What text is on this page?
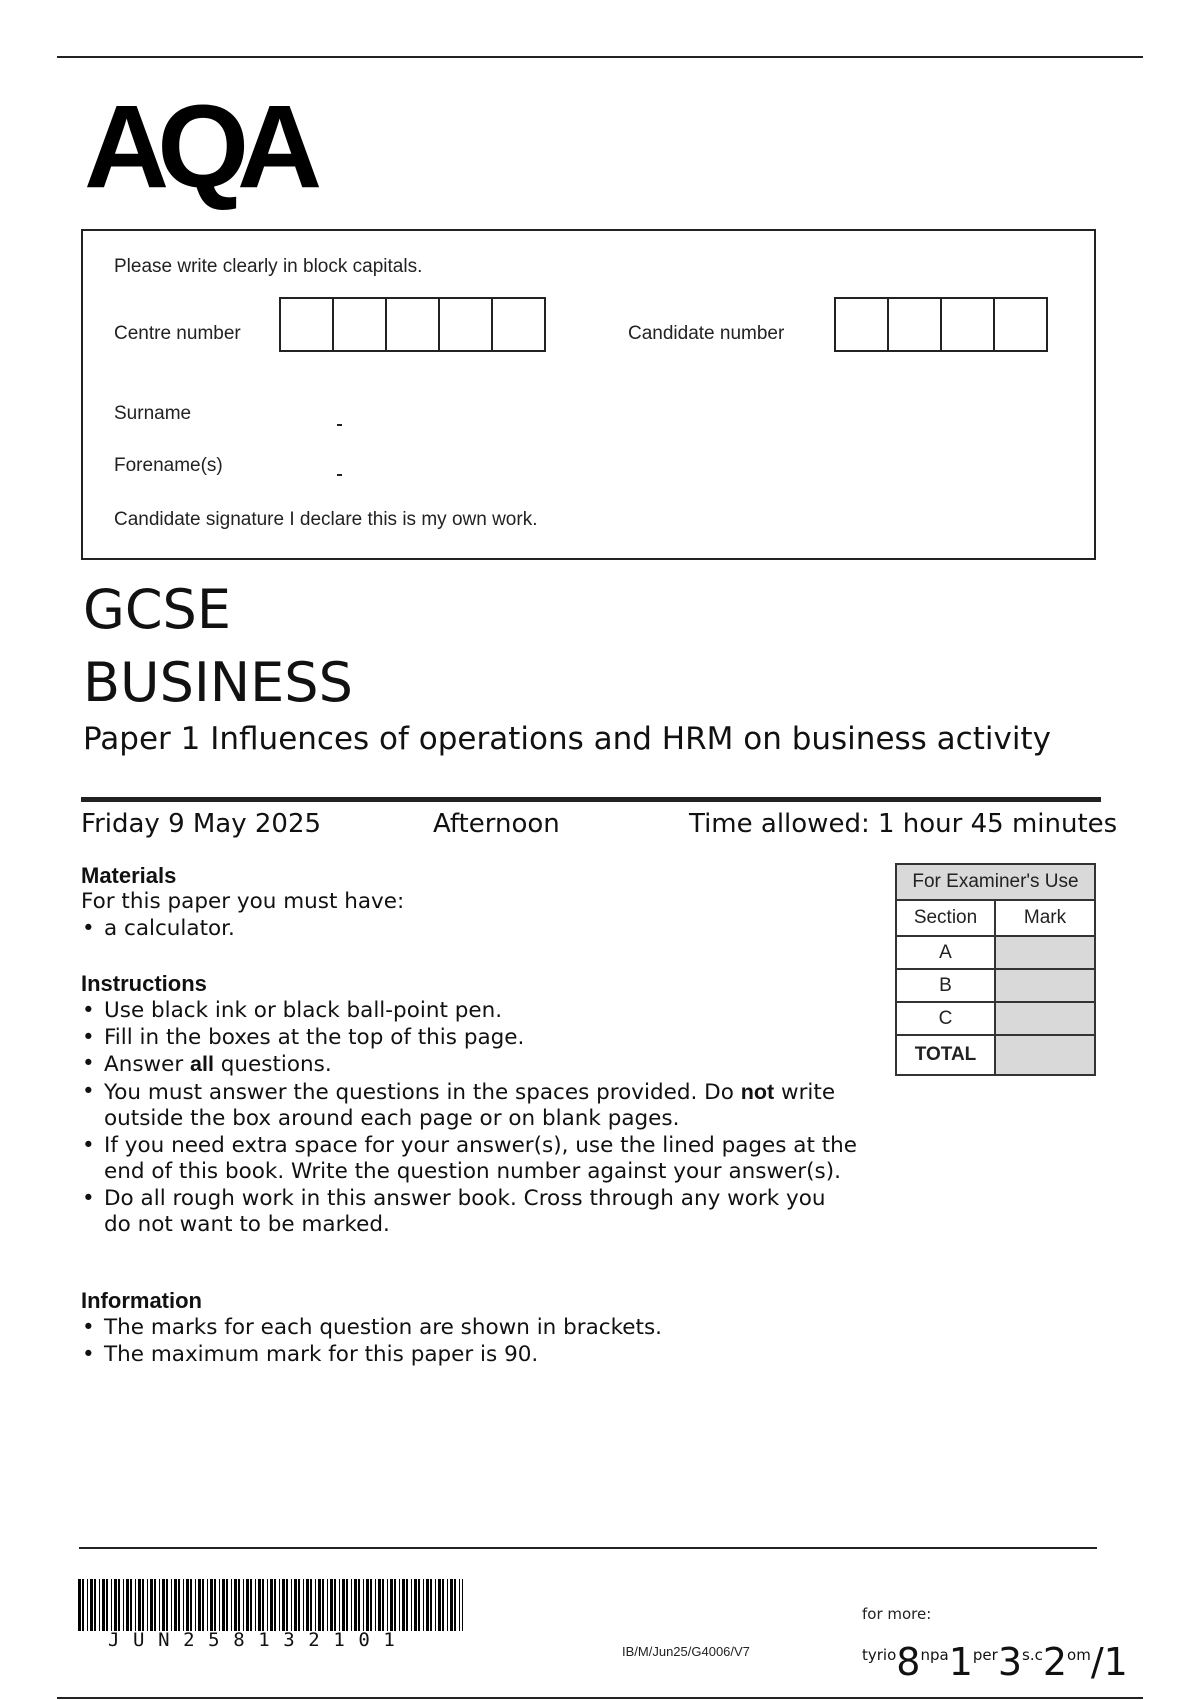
AQA
Please write clearly in block capitals.
Centre number	Candidate number
Surname
Forename(s)
Candidate signature I declare this is my own work.
GCSE
BUSINESS
Paper 1 Influences of operations and HRM on business activity
Friday 9 May 2025	Afternoon	Time allowed: 1 hour 45 minutes
Materials
For this paper you must have:
• a calculator.
Instructions
• Use black ink or black ball-point pen.
• Fill in the boxes at the top of this page.
• Answer all questions.
• You must answer the questions in the spaces provided. Do not write outside the box around each page or on blank pages.
• If you need extra space for your answer(s), use the lined pages at the end of this book. Write the question number against your answer(s).
• Do all rough work in this answer book. Cross through any work you do not want to be marked.
Information
• The marks for each question are shown in brackets.
• The maximum mark for this paper is 90.
For Examiner's Use	
Section	Mark
A	
B	
C	
TOTAL	
JUN258132101
IB/M/Jun25/G4006/V7
for more:
$^{tyrio}8^{npa}1^{per}3^{s.c}2^{om}/1$
